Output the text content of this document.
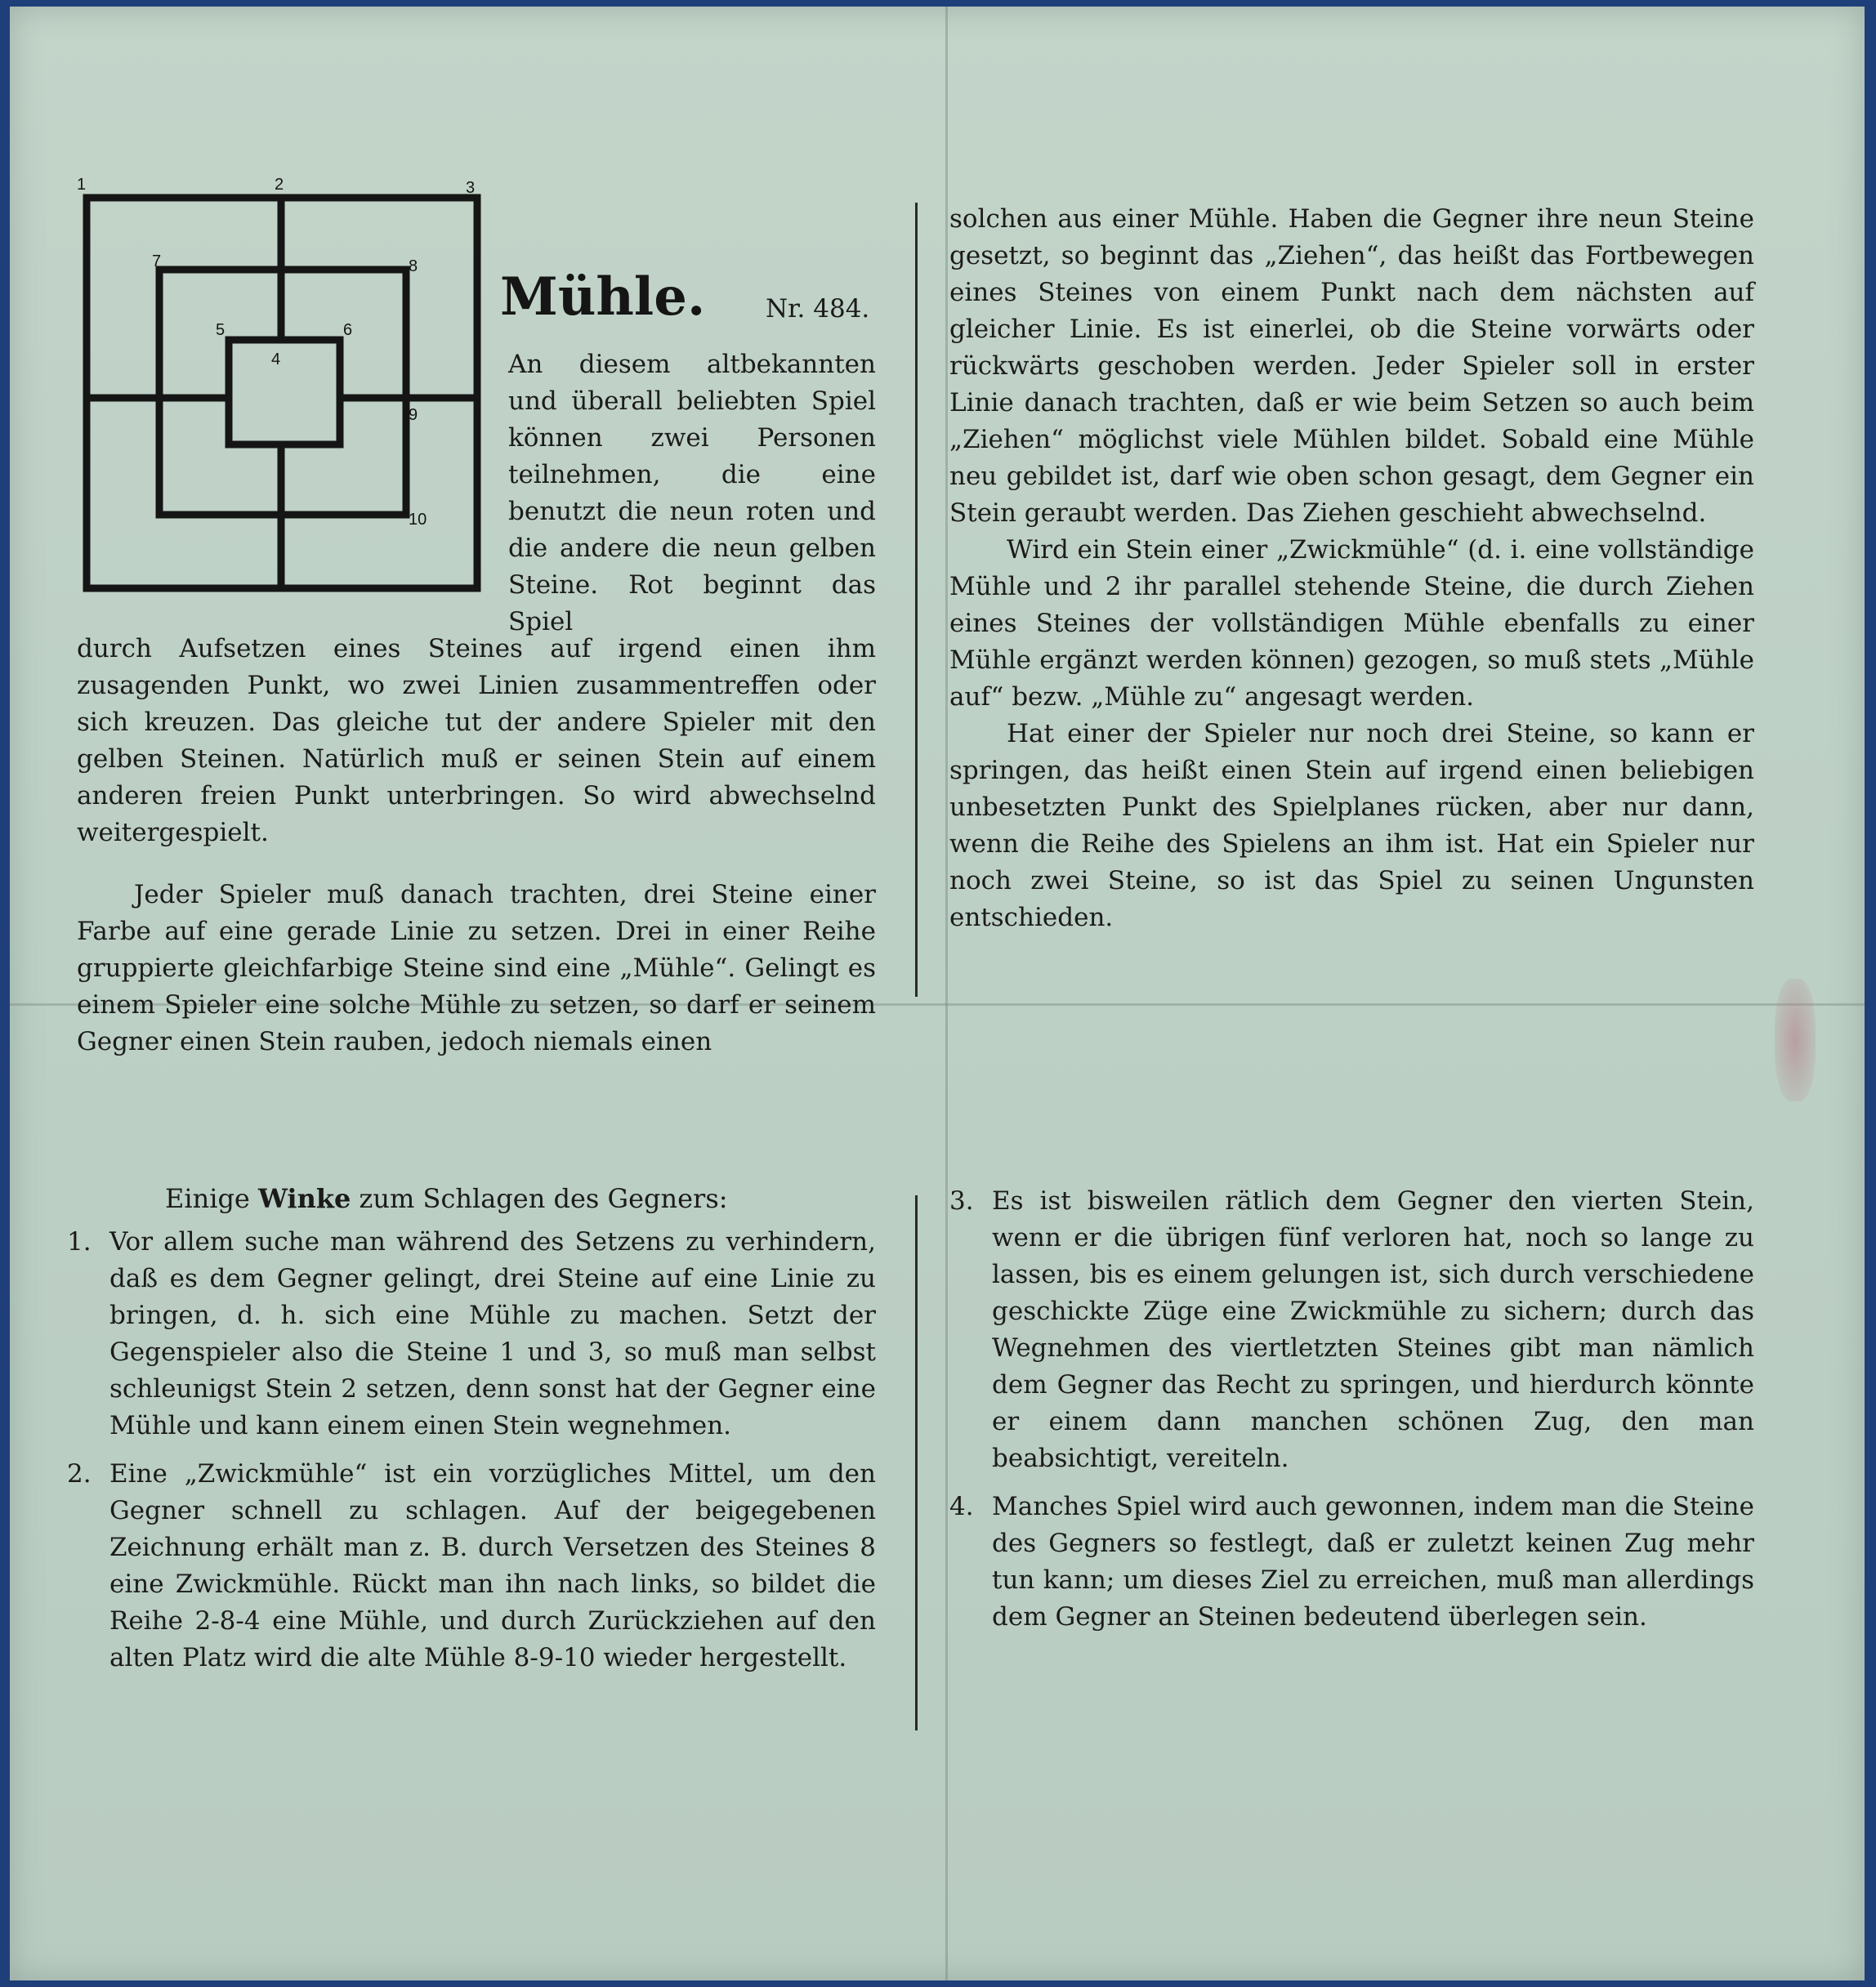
1	2	3
7	8
5	6
4
9
10
Mühle. Nr. 484.
An diesem altbekannten und überall beliebten Spiel können zwei Personen teilnehmen, die eine benutzt die neun roten und die andere die neun gelben Steine. Rot beginnt das Spiel

durch Aufsetzen eines Steines auf irgend einen ihm zusagenden Punkt, wo zwei Linien zusammentreffen oder sich kreuzen. Das gleiche tut der andere Spieler mit den gelben Steinen. Natürlich muß er seinen Stein auf einem anderen freien Punkt unterbringen. So wird abwechselnd weitergespielt.

Jeder Spieler muß danach trachten, drei Steine einer Farbe auf eine gerade Linie zu setzen. Drei in einer Reihe gruppierte gleichfarbige Steine sind eine „Mühle“. Gelingt es einem Spieler eine solche Mühle zu setzen, so darf er seinem Gegner einen Stein rauben, jedoch niemals einen

solchen aus einer Mühle. Haben die Gegner ihre neun Steine gesetzt, so beginnt das „Ziehen“, das heißt das Fortbewegen eines Steines von einem Punkt nach dem nächsten auf gleicher Linie. Es ist einerlei, ob die Steine vorwärts oder rückwärts geschoben werden. Jeder Spieler soll in erster Linie danach trachten, daß er wie beim Setzen so auch beim „Ziehen“ möglichst viele Mühlen bildet. Sobald eine Mühle neu gebildet ist, darf wie oben schon gesagt, dem Gegner ein Stein geraubt werden. Das Ziehen geschieht abwechselnd.

Wird ein Stein einer „Zwickmühle“ (d. i. eine vollständige Mühle und 2 ihr parallel stehende Steine, die durch Ziehen eines Steines der vollständigen Mühle ebenfalls zu einer Mühle ergänzt werden können) gezogen, so muß stets „Mühle auf“ bezw. „Mühle zu“ angesagt werden.

Hat einer der Spieler nur noch drei Steine, so kann er springen, das heißt einen Stein auf irgend einen beliebigen unbesetzten Punkt des Spielplanes rücken, aber nur dann, wenn die Reihe des Spielens an ihm ist. Hat ein Spieler nur noch zwei Steine, so ist das Spiel zu seinen Ungunsten entschieden.

Einige Winke zum Schlagen des Gegners:
1. Vor allem suche man während des Setzens zu verhindern, daß es dem Gegner gelingt, drei Steine auf eine Linie zu bringen, d. h. sich eine Mühle zu machen. Setzt der Gegenspieler also die Steine 1 und 3, so muß man selbst schleunigst Stein 2 setzen, denn sonst hat der Gegner eine Mühle und kann einem einen Stein wegnehmen.
2. Eine „Zwickmühle“ ist ein vorzügliches Mittel, um den Gegner schnell zu schlagen. Auf der beigegebenen Zeichnung erhält man z. B. durch Versetzen des Steines 8 eine Zwickmühle. Rückt man ihn nach links, so bildet die Reihe 2-8-4 eine Mühle, und durch Zurückziehen auf den alten Platz wird die alte Mühle 8-9-10 wieder hergestellt.
3. Es ist bisweilen rätlich dem Gegner den vierten Stein, wenn er die übrigen fünf verloren hat, noch so lange zu lassen, bis es einem gelungen ist, sich durch verschiedene geschickte Züge eine Zwickmühle zu sichern; durch das Wegnehmen des viertletzten Steines gibt man nämlich dem Gegner das Recht zu springen, und hierdurch könnte er einem dann manchen schönen Zug, den man beabsichtigt, vereiteln.
4. Manches Spiel wird auch gewonnen, indem man die Steine des Gegners so festlegt, daß er zuletzt keinen Zug mehr tun kann; um dieses Ziel zu erreichen, muß man allerdings dem Gegner an Steinen bedeutend überlegen sein.
